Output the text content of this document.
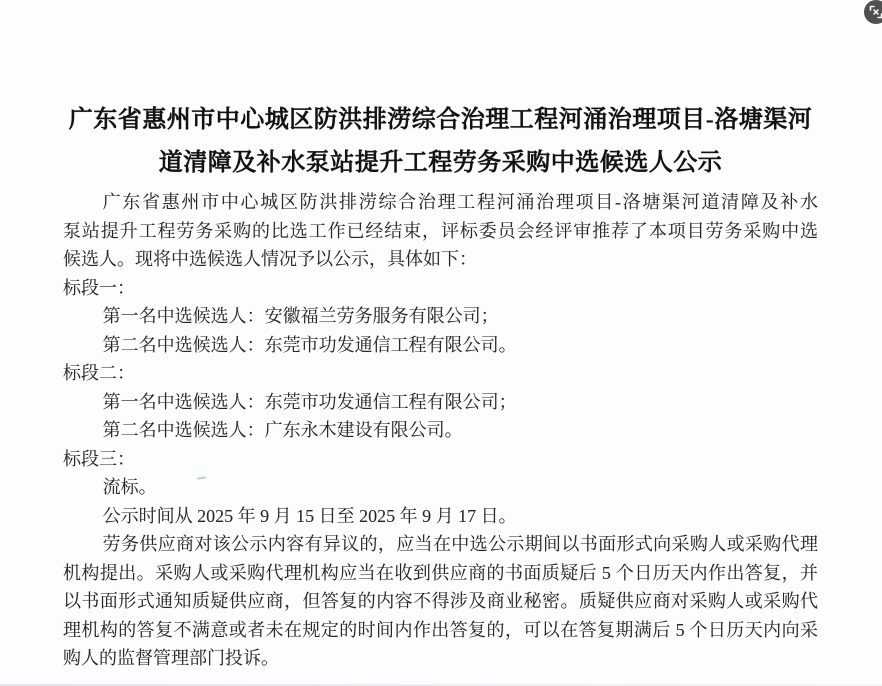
广东省惠州市中心城区防洪排涝综合治理工程河涌治理项目-洛塘渠河
道清障及补水泵站提升工程劳务采购中选候选人公示
广东省惠州市中心城区防洪排涝综合治理工程河涌治理项目-洛塘渠河道清障及补水
泵站提升工程劳务采购的比选工作已经结束，评标委员会经评审推荐了本项目劳务采购中选
候选人。现将中选候选人情况予以公示，具体如下：
标段一：
第一名中选候选人：安徽福兰劳务服务有限公司；
第二名中选候选人：东莞市功发通信工程有限公司。
标段二：
第一名中选候选人：东莞市功发通信工程有限公司；
第二名中选候选人：广东永木建设有限公司。
标段三：
流标。
公示时间从 2025 年 9 月 15 日至 2025 年 9 月 17 日。
劳务供应商对该公示内容有异议的，应当在中选公示期间以书面形式向采购人或采购代理
机构提出。采购人或采购代理机构应当在收到供应商的书面质疑后 5 个日历天内作出答复，并
以书面形式通知质疑供应商，但答复的内容不得涉及商业秘密。质疑供应商对采购人或采购代
理机构的答复不满意或者未在规定的时间内作出答复的，可以在答复期满后 5 个日历天内向采
购人的监督管理部门投诉。
